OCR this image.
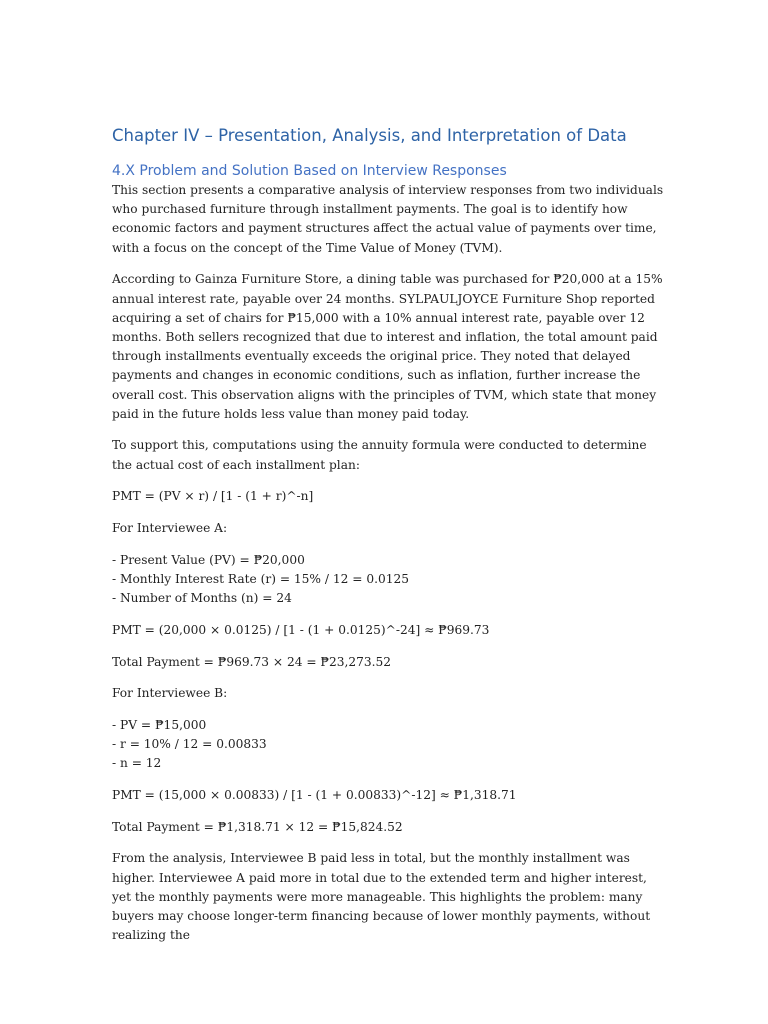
Chapter IV – Presentation, Analysis, and Interpretation of Data
4.X Problem and Solution Based on Interview Responses

This section presents a comparative analysis of interview responses from two individuals who purchased furniture through installment payments. The goal is to identify how economic factors and payment structures affect the actual value of payments over time, with a focus on the concept of the Time Value of Money (TVM).

According to Gainza Furniture Store, a dining table was purchased for ₱20,000 at a 15% annual interest rate, payable over 24 months. SYLPAULJOYCE Furniture Shop reported acquiring a set of chairs for ₱15,000 with a 10% annual interest rate, payable over 12 months. Both sellers recognized that due to interest and inflation, the total amount paid through installments eventually exceeds the original price. They noted that delayed payments and changes in economic conditions, such as inflation, further increase the overall cost. This observation aligns with the principles of TVM, which state that money paid in the future holds less value than money paid today.

To support this, computations using the annuity formula were conducted to determine the actual cost of each installment plan:

PMT = (PV × r) / [1 - (1 + r)^-n]

For Interviewee A:

- Present Value (PV) = ₱20,000
- Monthly Interest Rate (r) = 15% / 12 = 0.0125
- Number of Months (n) = 24

PMT = (20,000 × 0.0125) / [1 - (1 + 0.0125)^-24] ≈ ₱969.73

Total Payment = ₱969.73 × 24 = ₱23,273.52

For Interviewee B:

- PV = ₱15,000
- r = 10% / 12 = 0.00833
- n = 12

PMT = (15,000 × 0.00833) / [1 - (1 + 0.00833)^-12] ≈ ₱1,318.71

Total Payment = ₱1,318.71 × 12 = ₱15,824.52

From the analysis, Interviewee B paid less in total, but the monthly installment was higher. Interviewee A paid more in total due to the extended term and higher interest, yet the monthly payments were more manageable. This highlights the problem: many buyers may choose longer-term financing because of lower monthly payments, without realizing the
